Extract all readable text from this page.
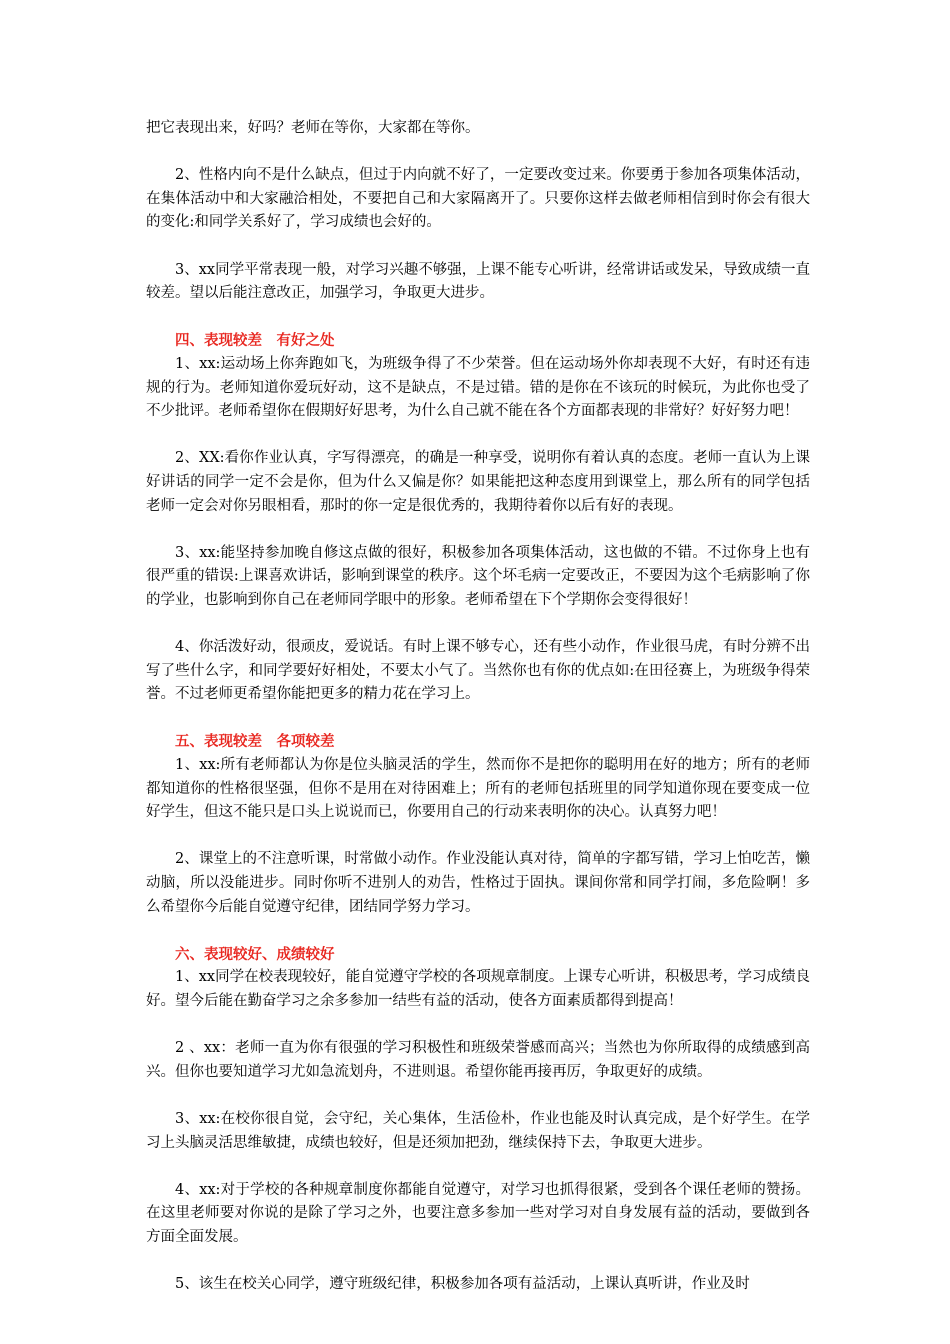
把它表现出来，好吗？老师在等你，大家都在等你。

2、性格内向不是什么缺点，但过于内向就不好了，一定要改变过来。你要勇于参加各项集体活动，在集体活动中和大家融洽相处，不要把自己和大家隔离开了。只要你这样去做老师相信到时你会有很大的变化:和同学关系好了，学习成绩也会好的。

3、xx同学平常表现一般，对学习兴趣不够强，上课不能专心听讲，经常讲话或发呆，导致成绩一直较差。望以后能注意改正，加强学习，争取更大进步。

四、表现较差　有好之处

1、xx:运动场上你奔跑如飞，为班级争得了不少荣誉。但在运动场外你却表现不大好，有时还有违规的行为。老师知道你爱玩好动，这不是缺点，不是过错。错的是你在不该玩的时候玩，为此你也受了不少批评。老师希望你在假期好好思考，为什么自己就不能在各个方面都表现的非常好？好好努力吧！

2、XX:看你作业认真，字写得漂亮，的确是一种享受，说明你有着认真的态度。老师一直认为上课好讲话的同学一定不会是你，但为什么又偏是你？如果能把这种态度用到课堂上，那么所有的同学包括老师一定会对你另眼相看，那时的你一定是很优秀的，我期待着你以后有好的表现。

3、xx:能坚持参加晚自修这点做的很好，积极参加各项集体活动，这也做的不错。不过你身上也有很严重的错误:上课喜欢讲话，影响到课堂的秩序。这个坏毛病一定要改正，不要因为这个毛病影响了你的学业，也影响到你自己在老师同学眼中的形象。老师希望在下个学期你会变得很好！

4、你活泼好动，很顽皮，爱说话。有时上课不够专心，还有些小动作，作业很马虎，有时分辨不出写了些什么字，和同学要好好相处，不要太小气了。当然你也有你的优点如:在田径赛上，为班级争得荣誉。不过老师更希望你能把更多的精力花在学习上。

五、表现较差　各项较差

1、xx:所有老师都认为你是位头脑灵活的学生，然而你不是把你的聪明用在好的地方；所有的老师都知道你的性格很坚强，但你不是用在对待困难上；所有的老师包括班里的同学知道你现在要变成一位好学生，但这不能只是口头上说说而已，你要用自己的行动来表明你的决心。认真努力吧！

2、课堂上的不注意听课，时常做小动作。作业没能认真对待，简单的字都写错，学习上怕吃苦，懒动脑，所以没能进步。同时你听不进别人的劝告，性格过于固执。课间你常和同学打闹，多危险啊！多么希望你今后能自觉遵守纪律，团结同学努力学习。

六、表现较好、成绩较好

1、xx同学在校表现较好，能自觉遵守学校的各项规章制度。上课专心听讲，积极思考，学习成绩良好。望今后能在勤奋学习之余多参加一结些有益的活动，使各方面素质都得到提高！

2 、xx：老师一直为你有很强的学习积极性和班级荣誉感而高兴；当然也为你所取得的成绩感到高兴。但你也要知道学习尤如急流划舟，不进则退。希望你能再接再厉，争取更好的成绩。

3、xx:在校你很自觉，会守纪，关心集体，生活俭朴，作业也能及时认真完成，是个好学生。在学习上头脑灵活思维敏捷，成绩也较好，但是还须加把劲，继续保持下去，争取更大进步。

4、xx:对于学校的各种规章制度你都能自觉遵守，对学习也抓得很紧，受到各个课任老师的赞扬。在这里老师要对你说的是除了学习之外，也要注意多参加一些对学习对自身发展有益的活动，要做到各方面全面发展。

5、该生在校关心同学，遵守班级纪律，积极参加各项有益活动，上课认真听讲，作业及时
